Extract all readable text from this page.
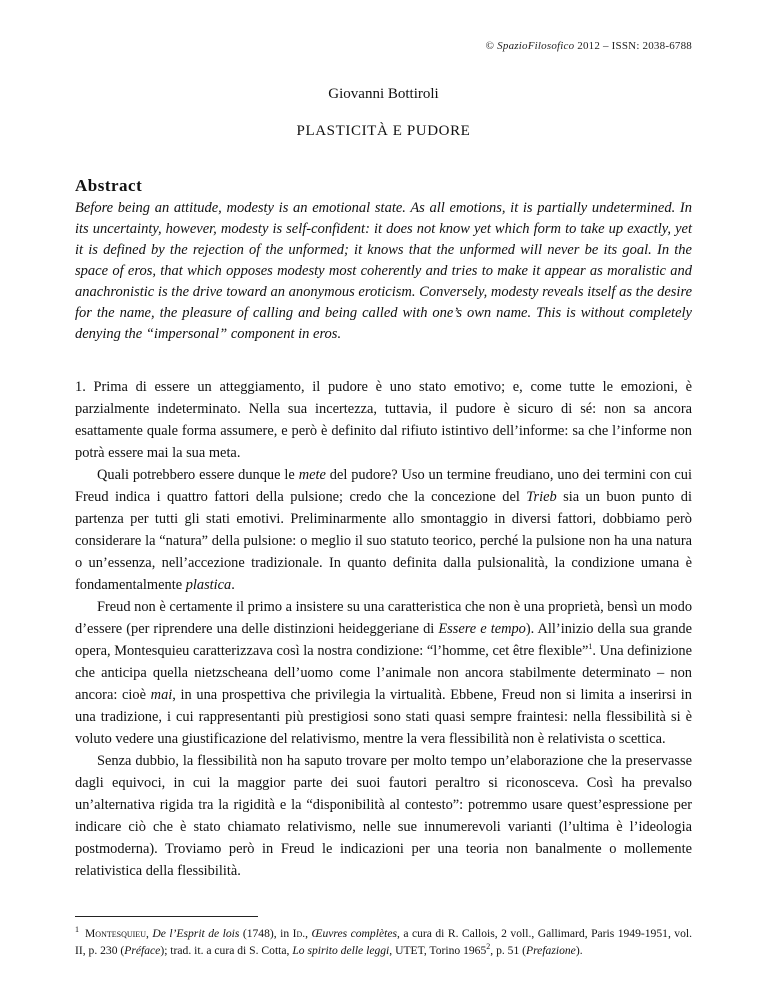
© SpazioFilosofico 2012 – ISSN: 2038-6788
Giovanni Bottiroli
PLASTICITÀ E PUDORE
Abstract
Before being an attitude, modesty is an emotional state. As all emotions, it is partially undetermined. In its uncertainty, however, modesty is self-confident: it does not know yet which form to take up exactly, yet it is defined by the rejection of the unformed; it knows that the unformed will never be its goal. In the space of eros, that which opposes modesty most coherently and tries to make it appear as moralistic and anachronistic is the drive toward an anonymous eroticism. Conversely, modesty reveals itself as the desire for the name, the pleasure of calling and being called with one’s own name. This is without completely denying the “impersonal” component in eros.

1. Prima di essere un atteggiamento, il pudore è uno stato emotivo; e, come tutte le emozioni, è parzialmente indeterminato. Nella sua incertezza, tuttavia, il pudore è sicuro di sé: non sa ancora esattamente quale forma assumere, e però è definito dal rifiuto istintivo dell’informe: sa che l’informe non potrà essere mai la sua meta.

Quali potrebbero essere dunque le mete del pudore? Uso un termine freudiano, uno dei termini con cui Freud indica i quattro fattori della pulsione; credo che la concezione del Trieb sia un buon punto di partenza per tutti gli stati emotivi. Preliminarmente allo smontaggio in diversi fattori, dobbiamo però considerare la “natura” della pulsione: o meglio il suo statuto teorico, perché la pulsione non ha una natura o un’essenza, nell’accezione tradizionale. In quanto definita dalla pulsionalità, la condizione umana è fondamentalmente plastica.

Freud non è certamente il primo a insistere su una caratteristica che non è una proprietà, bensì un modo d’essere (per riprendere una delle distinzioni heideggeriane di Essere e tempo). All’inizio della sua grande opera, Montesquieu caratterizzava così la nostra condizione: “l’homme, cet être flexible”$^1$. Una definizione che anticipa quella nietzscheana dell’uomo come l’animale non ancora stabilmente determinato – non ancora: cioè mai, in una prospettiva che privilegia la virtualità. Ebbene, Freud non si limita a inserirsi in una tradizione, i cui rappresentanti più prestigiosi sono stati quasi sempre fraintesi: nella flessibilità si è voluto vedere una giustificazione del relativismo, mentre la vera flessibilità non è relativista o scettica.

Senza dubbio, la flessibilità non ha saputo trovare per molto tempo un’elaborazione che la preservasse dagli equivoci, in cui la maggior parte dei suoi fautori peraltro si riconosceva. Così ha prevalso un’alternativa rigida tra la rigidità e la “disponibilità al contesto”: potremmo usare quest’espressione per indicare ciò che è stato chiamato relativismo, nelle sue innumerevoli varianti (l’ultima è l’ideologia postmoderna). Troviamo però in Freud le indicazioni per una teoria non banalmente o mollemente relativistica della flessibilità.

$^1$ Montesquieu, De l’Esprit de lois (1748), in Id., Œuvres complètes, a cura di R. Callois, 2 voll., Gallimard, Paris 1949-1951, vol. II, p. 230 (Préface); trad. it. a cura di S. Cotta, Lo spirito delle leggi, UTET, Torino 1965$^2$, p. 51 (Prefazione).
